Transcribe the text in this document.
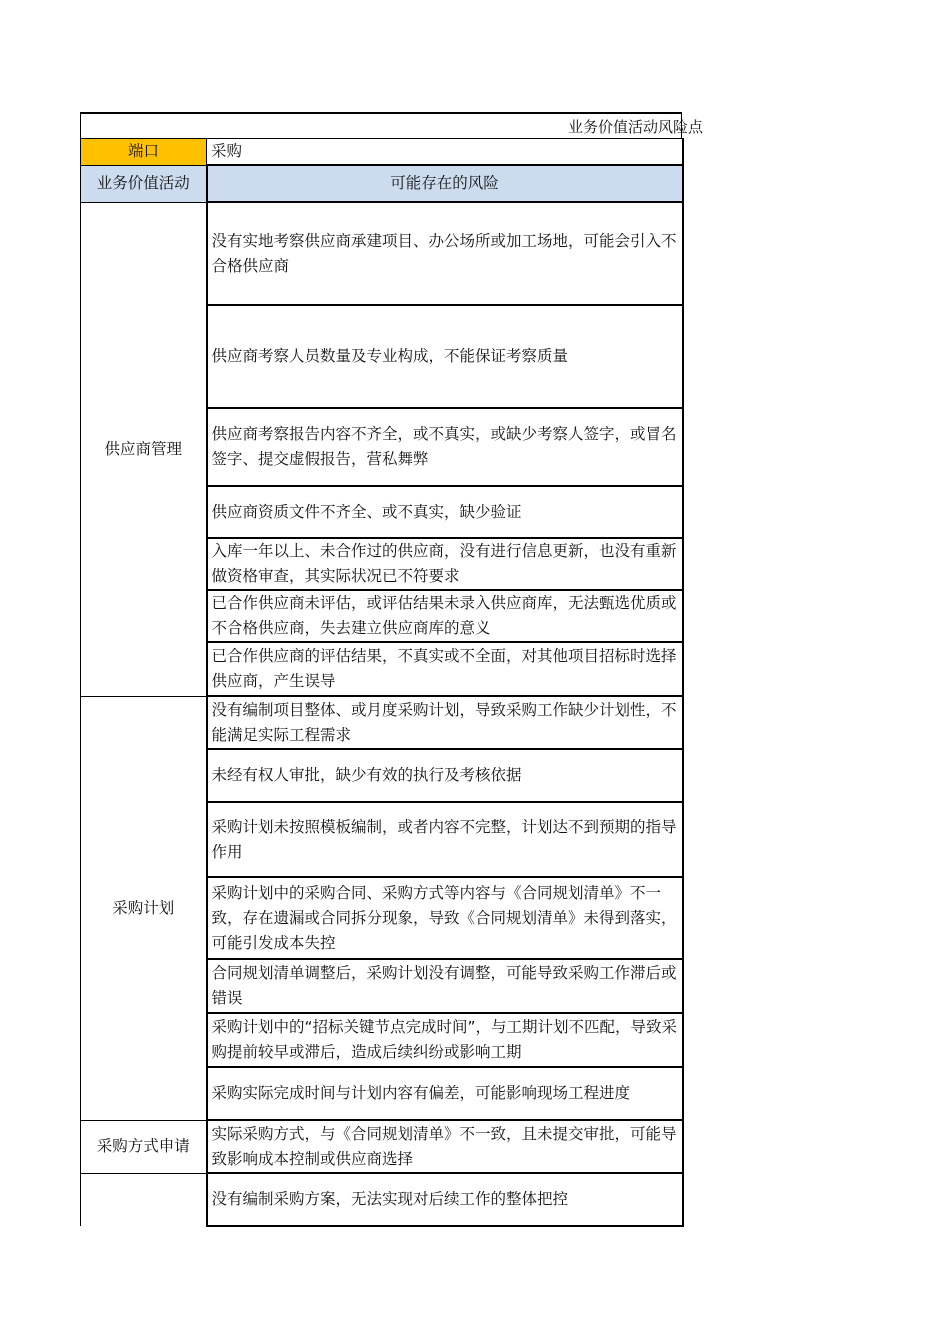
业务价值活动风险点
端口	采购
业务价值活动	可能存在的风险
供应商管理	没有实地考察供应商承建项目、办公场所或加工场地，可能会引入不合格供应商
	供应商考察人员数量及专业构成，不能保证考察质量
	供应商考察报告内容不齐全，或不真实，或缺少考察人签字，或冒名签字、提交虚假报告，营私舞弊
	供应商资质文件不齐全、或不真实，缺少验证
	入库一年以上、未合作过的供应商，没有进行信息更新，也没有重新做资格审查，其实际状况已不符要求
	已合作供应商未评估，或评估结果未录入供应商库，无法甄选优质或不合格供应商，失去建立供应商库的意义
	已合作供应商的评估结果，不真实或不全面，对其他项目招标时选择供应商，产生误导
采购计划	没有编制项目整体、或月度采购计划，导致采购工作缺少计划性，不能满足实际工程需求
	未经有权人审批，缺少有效的执行及考核依据
	采购计划未按照模板编制，或者内容不完整，计划达不到预期的指导作用
	采购计划中的采购合同、采购方式等内容与《合同规划清单》不一致，存在遗漏或合同拆分现象，导致《合同规划清单》未得到落实，可能引发成本失控
	合同规划清单调整后，采购计划没有调整，可能导致采购工作滞后或错误
	采购计划中的“招标关键节点完成时间”，与工期计划不匹配，导致采购提前较早或滞后，造成后续纠纷或影响工期
	采购实际完成时间与计划内容有偏差，可能影响现场工程进度
采购方式申请	实际采购方式，与《合同规划清单》不一致，且未提交审批，可能导致影响成本控制或供应商选择
	没有编制采购方案，无法实现对后续工作的整体把控
